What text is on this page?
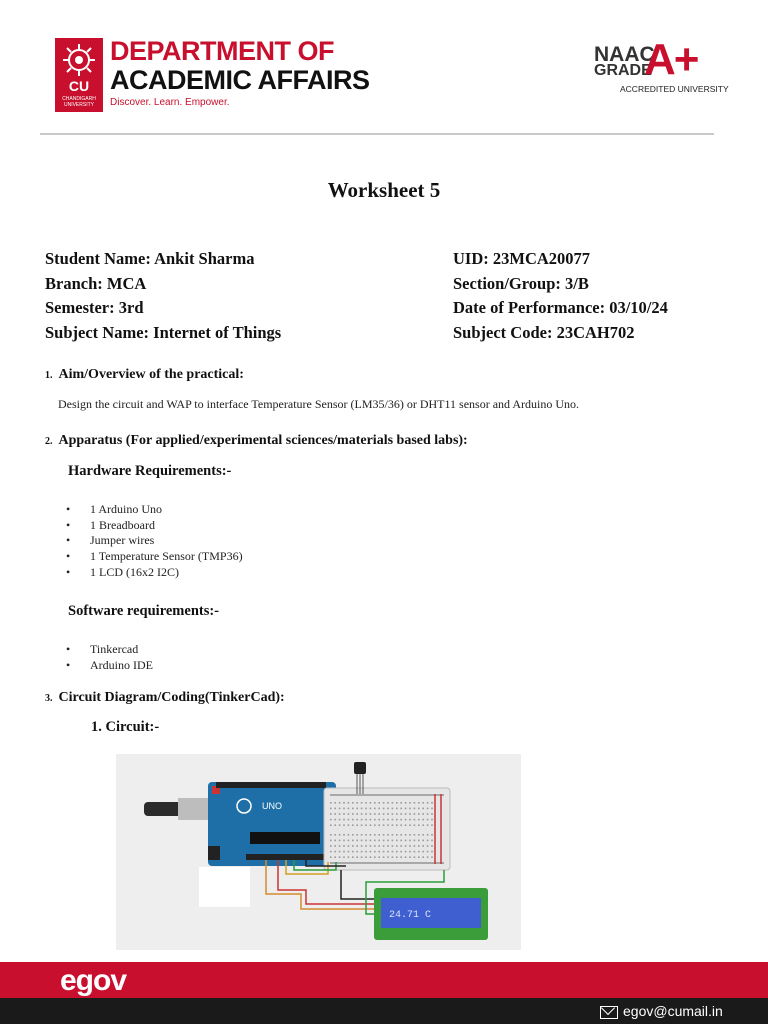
CU
CHANDIGARH UNIVERSITY
DEPARTMENT OF
ACADEMIC AFFAIRS
Discover. Learn. Empower.
NAAC
GRADE
A+
ACCREDITED UNIVERSITY
Worksheet 5
Student Name: Ankit Sharma
Branch: MCA
Semester: 3rd
Subject Name: Internet of Things
UID: 23MCA20077
Section/Group: 3/B
Date of Performance: 03/10/24
Subject Code: 23CAH702
1. Aim/Overview of the practical:
Design the circuit and WAP to interface Temperature Sensor (LM35/36) or DHT11 sensor and Arduino Uno.
2. Apparatus (For applied/experimental sciences/materials based labs):
Hardware Requirements:-
• 1 Arduino Uno
• 1 Breadboard
• Jumper wires
• 1 Temperature Sensor (TMP36)
• 1 LCD (16x2 I2C)
Software requirements:-
• Tinkercad
• Arduino IDE
3. Circuit Diagram/Coding(TinkerCad):
1. Circuit:-
UNO
24.71 C
egov
egov@cumail.in
